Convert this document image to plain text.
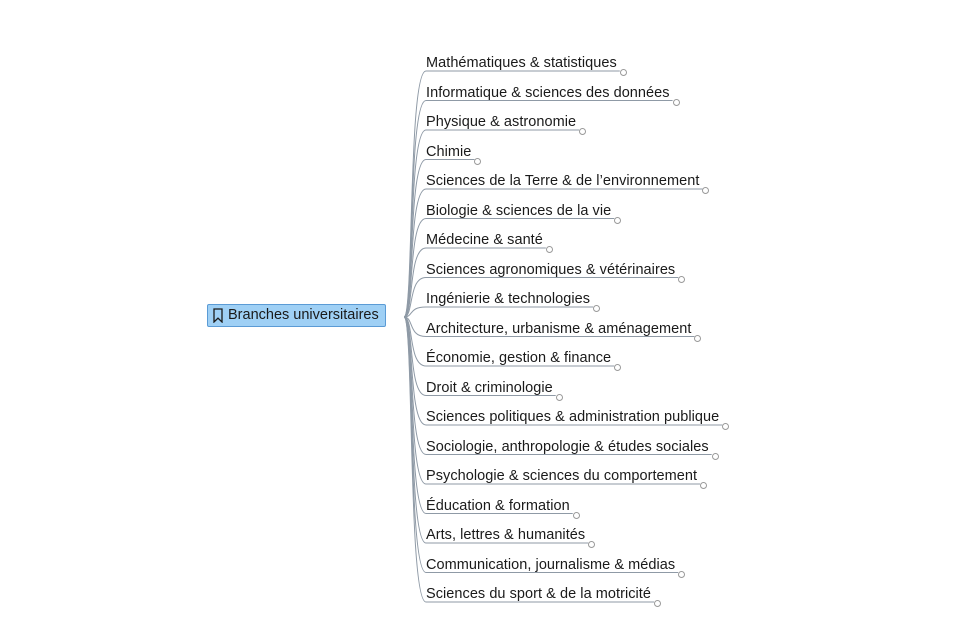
Branches universitaires
Mathématiques & statistiques
Informatique & sciences des données
Physique & astronomie
Chimie
Sciences de la Terre & de l’environnement
Biologie & sciences de la vie
Médecine & santé
Sciences agronomiques & vétérinaires
Ingénierie & technologies
Architecture, urbanisme & aménagement
Économie, gestion & finance
Droit & criminologie
Sciences politiques & administration publique
Sociologie, anthropologie & études sociales
Psychologie & sciences du comportement
Éducation & formation
Arts, lettres & humanités
Communication, journalisme & médias
Sciences du sport & de la motricité
